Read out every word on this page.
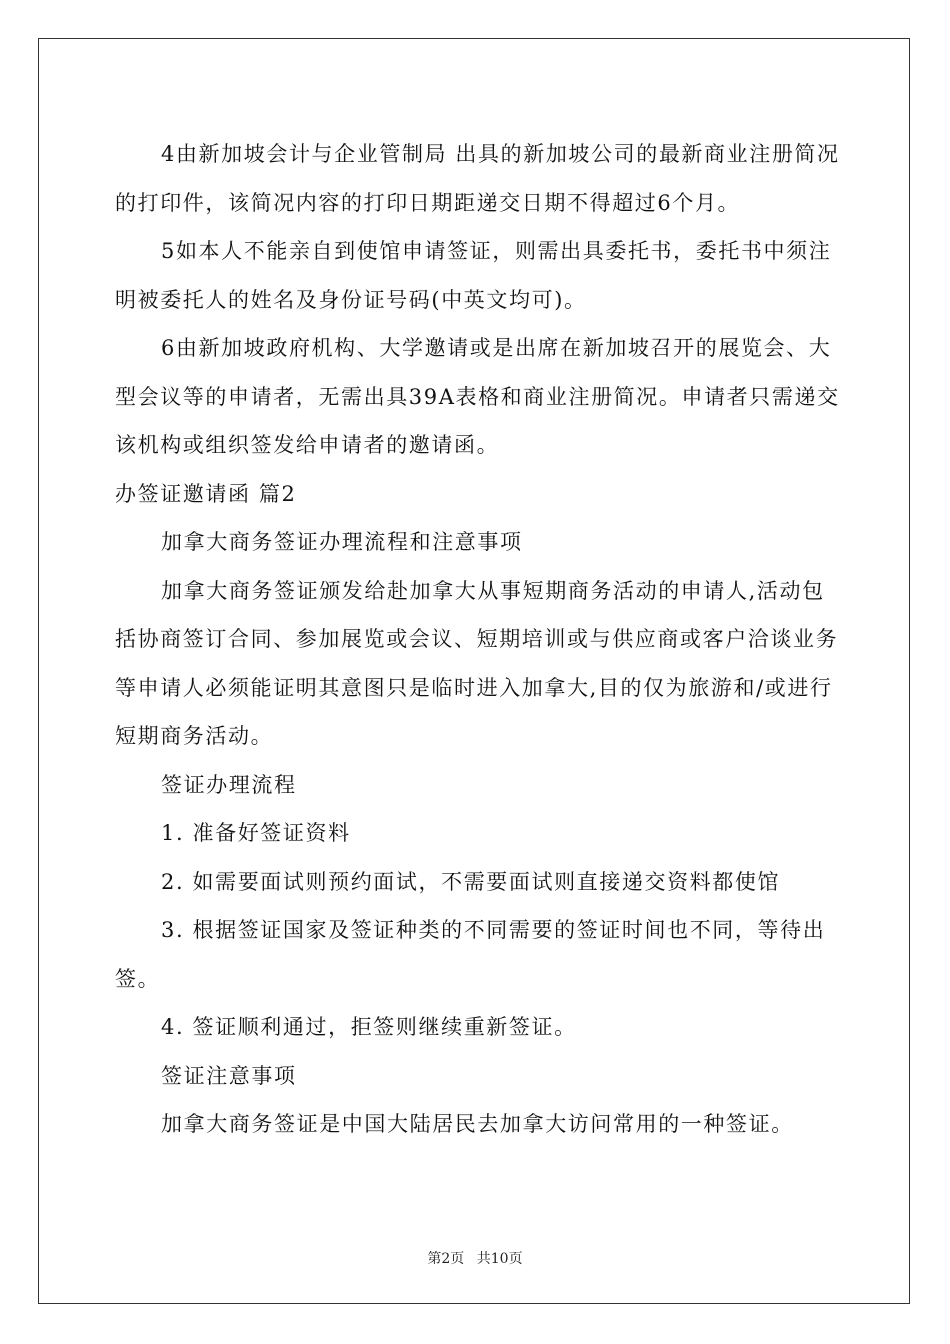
4由新加坡会计与企业管制局 出具的新加坡公司的最新商业注册简况的打印件，该简况内容的打印日期距递交日期不得超过6个月。

5如本人不能亲自到使馆申请签证，则需出具委托书，委托书中须注明被委托人的姓名及身份证号码(中英文均可)。

6由新加坡政府机构、大学邀请或是出席在新加坡召开的展览会、大型会议等的申请者，无需出具39A表格和商业注册简况。申请者只需递交该机构或组织签发给申请者的邀请函。

办签证邀请函 篇2

加拿大商务签证办理流程和注意事项

加拿大商务签证颁发给赴加拿大从事短期商务活动的申请人,活动包括协商签订合同、参加展览或会议、短期培训或与供应商或客户洽谈业务等申请人必须能证明其意图只是临时进入加拿大,目的仅为旅游和/或进行短期商务活动。

签证办理流程

1. 准备好签证资料

2. 如需要面试则预约面试，不需要面试则直接递交资料都使馆

3. 根据签证国家及签证种类的不同需要的签证时间也不同，等待出签。

4. 签证顺利通过，拒签则继续重新签证。

签证注意事项

加拿大商务签证是中国大陆居民去加拿大访问常用的一种签证。

第2页 共10页
